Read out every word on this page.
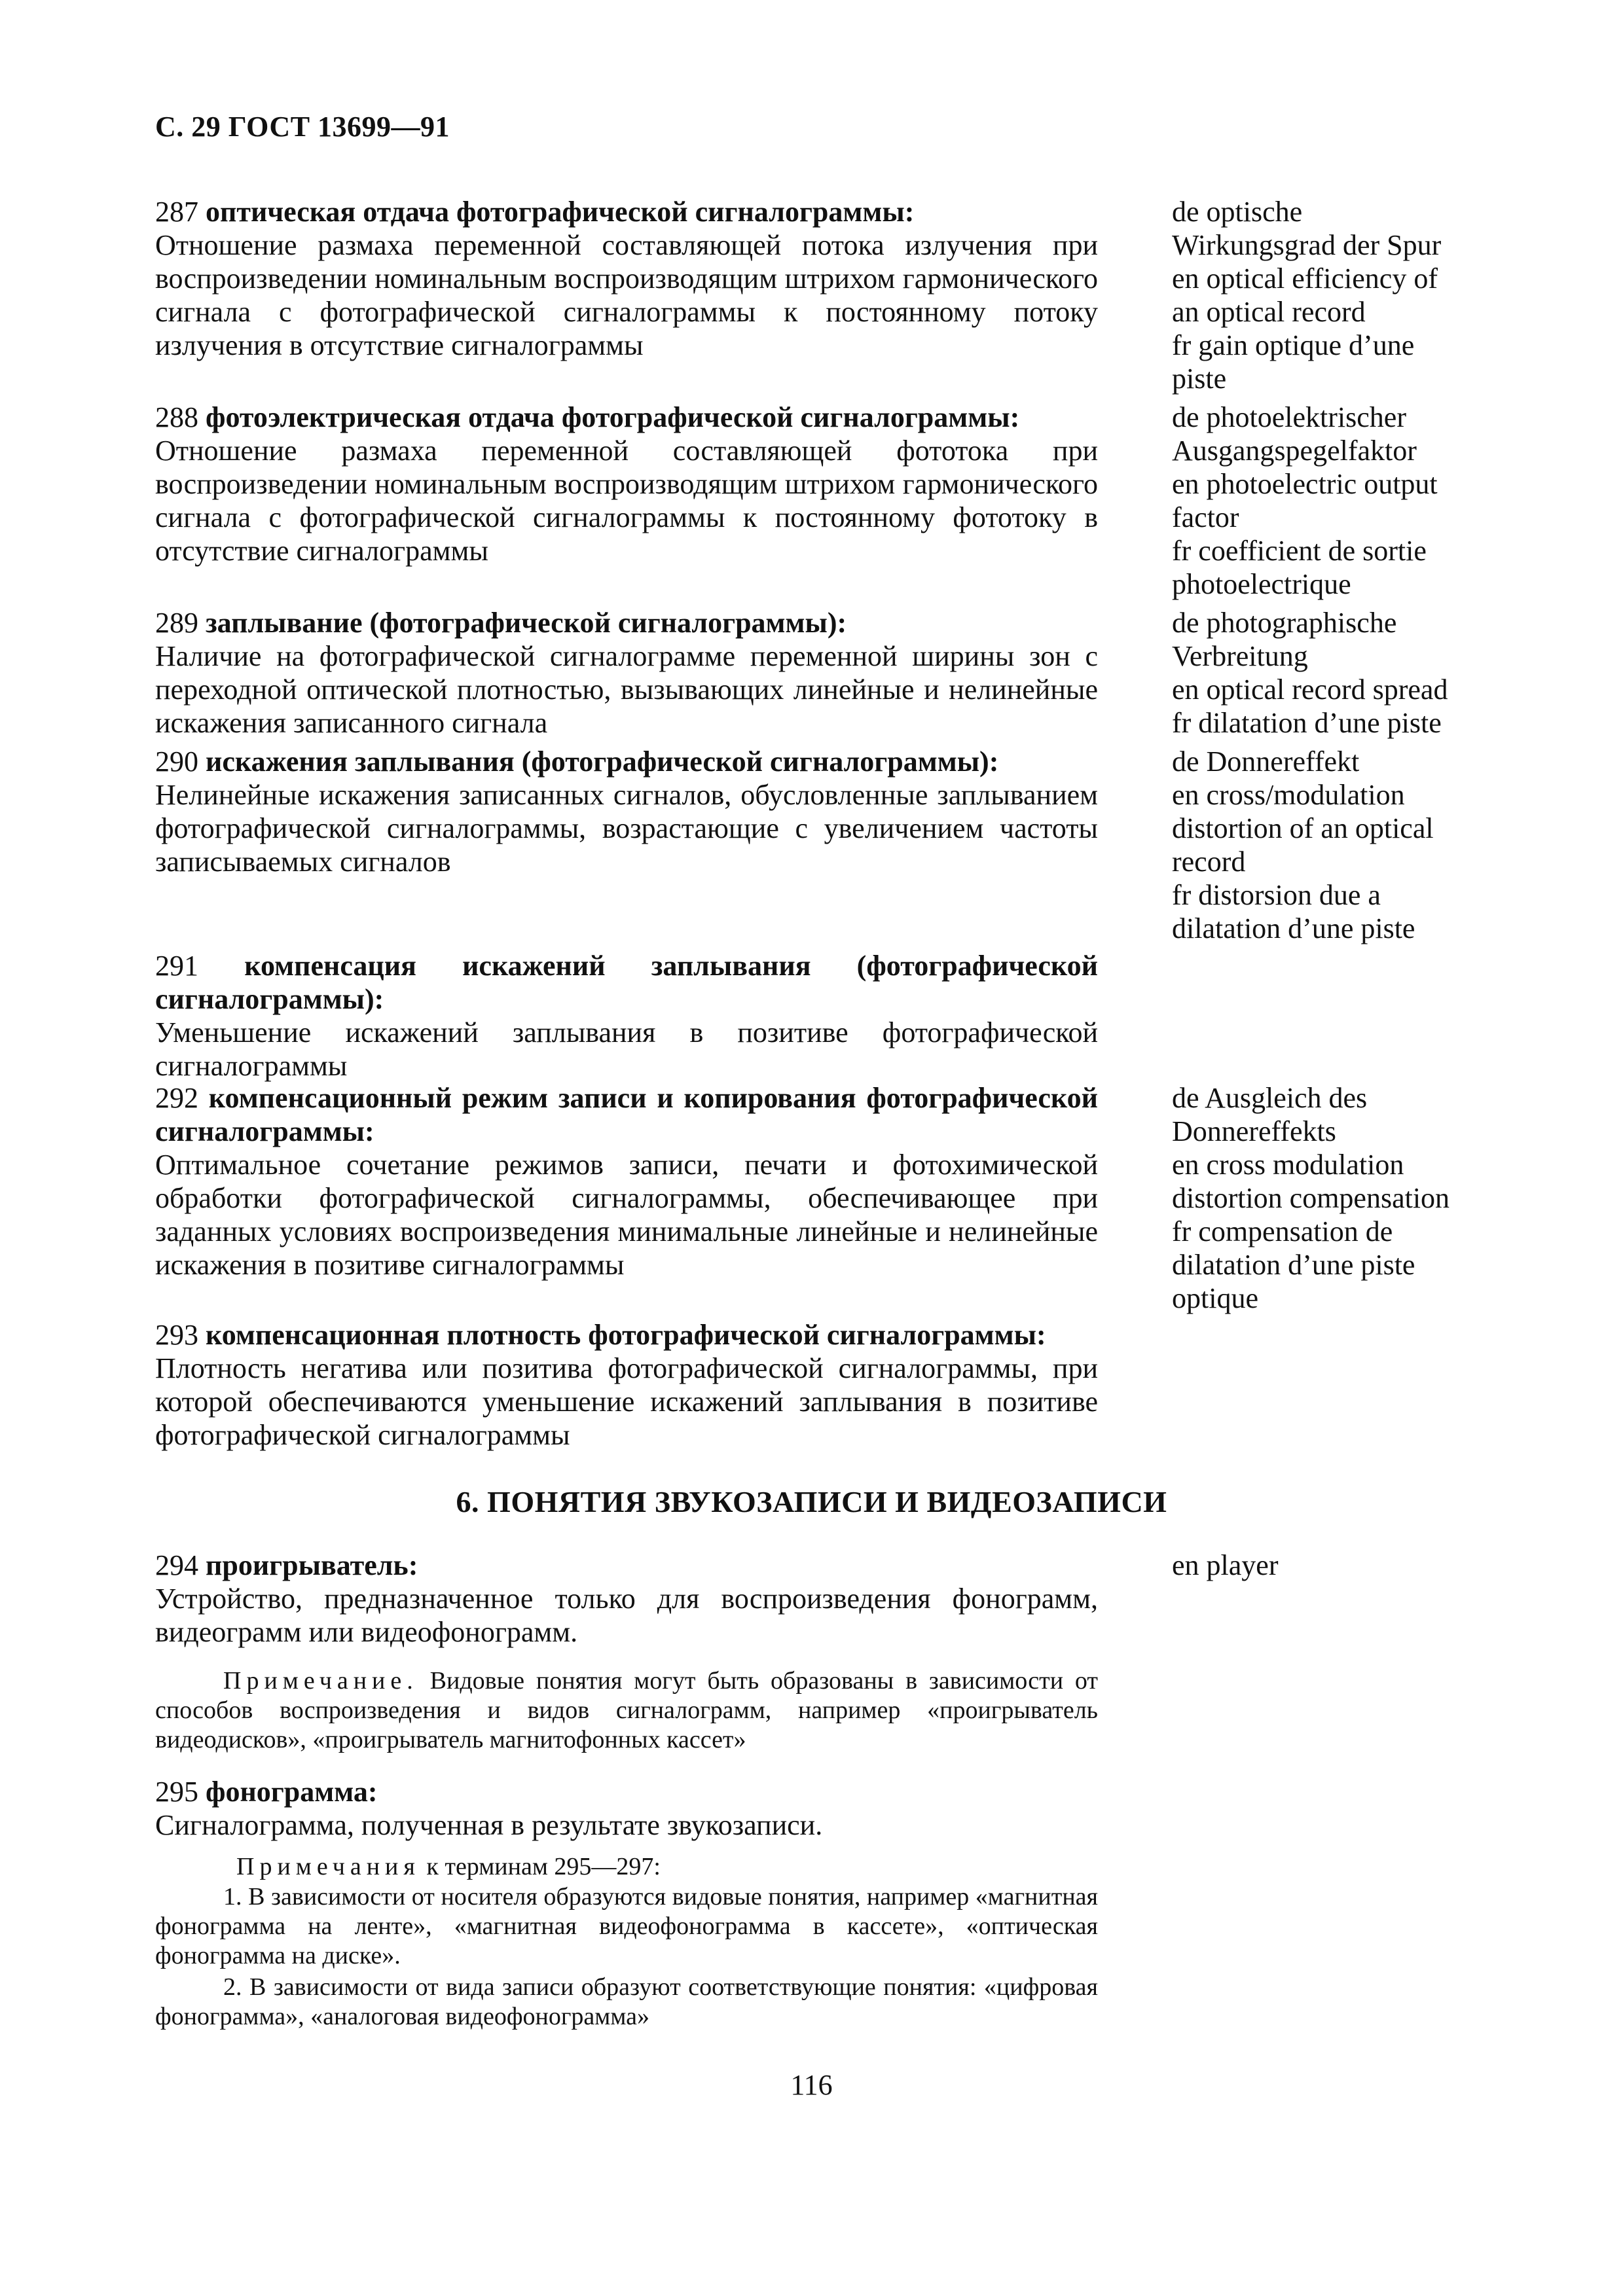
С. 29 ГОСТ 13699—91

287 оптическая отдача фотографической сигналограммы:

Отношение размаха переменной составляющей потока излучения при воспроизведении номинальным воспроизводящим штрихом гармонического сигнала с фотографической сигналограммы к постоянному потоку излучения в отсутствие сигналограммы

de optische
Wirkungsgrad der Spur
en optical efficiency of
an optical record
fr gain optique d’une
piste

288 фотоэлектрическая отдача фотографической сигналограммы:

Отношение размаха переменной составляющей фототока при воспроизведении номинальным воспроизводящим штрихом гармонического сигнала с фотографической сигналограммы к постоянному фототоку в отсутствие сигналограммы

de photoelektrischer
Ausgangspegelfaktor
en photoelectric output
factor
fr coefficient de sortie
photoelectrique

289 заплывание (фотографической сигналограммы):

Наличие на фотографической сигналограмме переменной ширины зон с переходной оптической плотностью, вызывающих линейные и нелинейные искажения записанного сигнала

de photographische
Verbreitung
en optical record spread
fr dilatation d’une piste

290 искажения заплывания (фотографической сигналограммы):

Нелинейные искажения записанных сигналов, обусловленные заплыванием фотографической сигналограммы, возрастающие с увеличением частоты записываемых сигналов

de Donnereffekt
en cross/modulation
distortion of an optical
record
fr distorsion due a
dilatation d’une piste

291 компенсация искажений заплывания (фотографической сигналограммы):

Уменьшение искажений заплывания в позитиве фотографической сигналограммы

292 компенсационный режим записи и копирования фотографической сигналограммы:

Оптимальное сочетание режимов записи, печати и фотохимической обработки фотографической сигналограммы, обеспечивающее при заданных условиях воспроизведения минимальные линейные и нелинейные искажения в позитиве сигналограммы

de Ausgleich des
Donnereffekts
en cross modulation
distortion compensation
fr compensation de
dilatation d’une piste
optique

293 компенсационная плотность фотографической сигналограммы:

Плотность негатива или позитива фотографической сигналограммы, при которой обеспечиваются уменьшение искажений заплывания в позитиве фотографической сигналограммы

6. ПОНЯТИЯ ЗВУКОЗАПИСИ И ВИДЕОЗАПИСИ

294 проигрыватель:

Устройство, предназначенное только для воспроизведения фонограмм, видеограмм или видеофонограмм.

en player
Примечание. Видовые понятия могут быть образованы в зависимости от способов воспроизведения и видов сигналограмм, например «проигрыватель видеодисков», «проигрыватель магнитофонных кассет»

295 фонограмма:

Сигналограмма, полученная в результате звукозаписи.

Примечания к терминам 295—297:
1. В зависимости от носителя образуются видовые понятия, например «магнитная фонограмма на ленте», «магнитная видеофонограмма в кассете», «оптическая фонограмма на диске».
2. В зависимости от вида записи образуют соответствующие понятия: «цифровая фонограмма», «аналоговая видеофонограмма»
116
